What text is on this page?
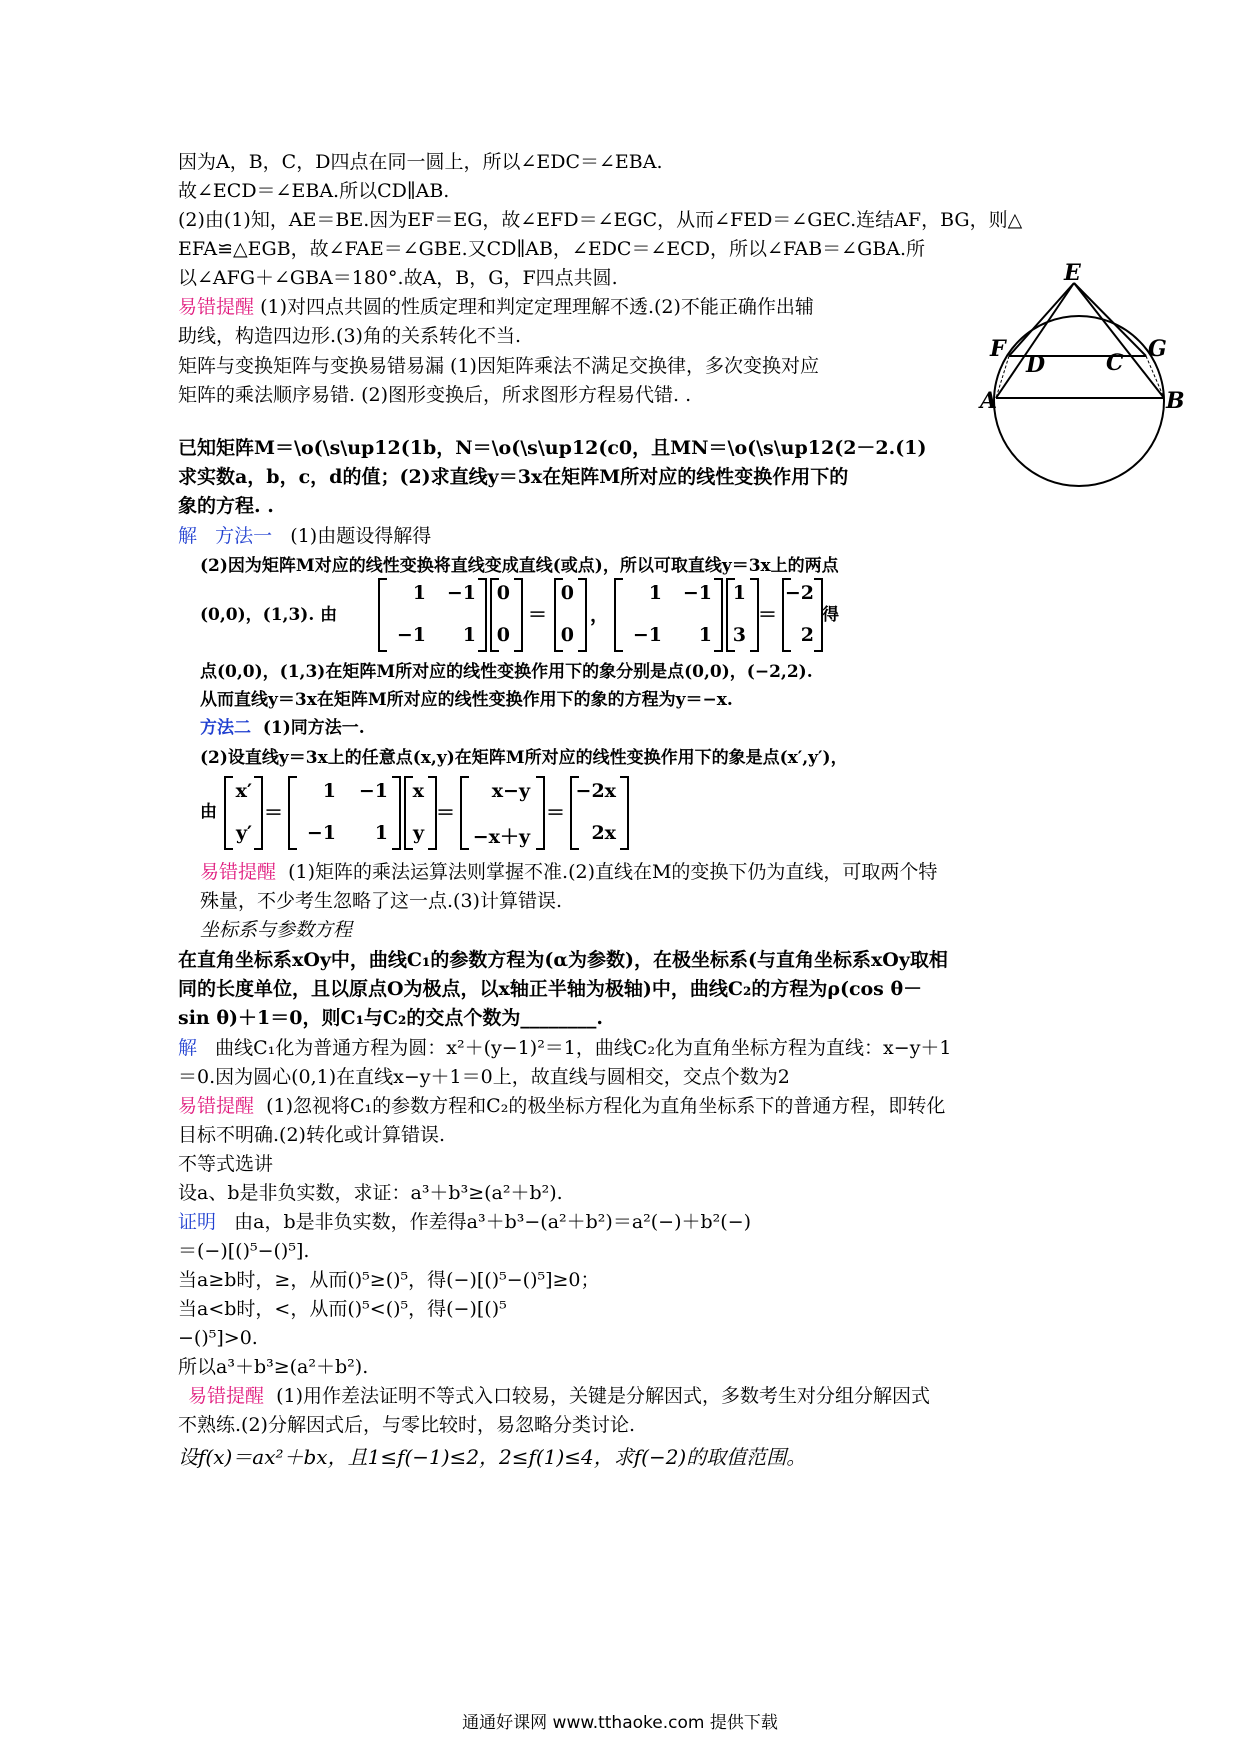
因为A，B，C，D四点在同一圆上，所以∠EDC＝∠EBA.
故∠ECD＝∠EBA.所以CD∥AB.
(2)由(1)知，AE＝BE.因为EF＝EG，故∠EFD＝∠EGC，从而∠FED＝∠GEC.连结AF，BG，则△
EFA≌△EGB，故∠FAE＝∠GBE.又CD∥AB，∠EDC＝∠ECD，所以∠FAB＝∠GBA.所
以∠AFG＋∠GBA＝180°.故A，B，G，F四点共圆.
易错提醒 (1)对四点共圆的性质定理和判定定理理解不透.(2)不能正确作出辅
助线，构造四边形.(3)角的关系转化不当.
矩阵与变换矩阵与变换易错易漏 (1)因矩阵乘法不满足交换律，多次变换对应
矩阵的乘法顺序易错. (2)图形变换后，所求图形方程易代错. .
已知矩阵M＝\o(\s\up12(1b，N＝\o(\s\up12(c0，且MN＝\o(\s\up12(2－2.(1)
求实数a，b，c，d的值；(2)求直线y＝3x在矩阵M所对应的线性变换作用下的
象的方程. .
解 方法一 (1)由题设得解得
(2)因为矩阵M对应的线性变换将直线变成直线(或点)，所以可取直线y＝3x上的两点
(0,0)，(1,3). 由
1	−1
−1	1
0
0
＝
0
0
，
1	−1
−1	1
1
3
＝
−2
2
得
点(0,0)，(1,3)在矩阵M所对应的线性变换作用下的象分别是点(0,0)，(−2,2).
从而直线y＝3x在矩阵M所对应的线性变换作用下的象的方程为y＝−x.
方法二 (1)同方法一.
(2)设直线y＝3x上的任意点(x,y)在矩阵M所对应的线性变换作用下的象是点(x′,y′)，
由
x′
y′
＝
1	−1
−1	1
x
y
＝
x−y
−x＋y
＝
−2x
2x
易错提醒 (1)矩阵的乘法运算法则掌握不准.(2)直线在M的变换下仍为直线，可取两个特
殊量，不少考生忽略了这一点.(3)计算错误.
坐标系与参数方程
在直角坐标系xOy中，曲线C₁的参数方程为(α为参数)，在极坐标系(与直角坐标系xOy取相
同的长度单位，且以原点O为极点，以x轴正半轴为极轴)中，曲线C₂的方程为ρ(cos θ－
sin θ)＋1＝0，则C₁与C₂的交点个数为________.
解 曲线C₁化为普通方程为圆：x²＋(y−1)²＝1，曲线C₂化为直角坐标方程为直线：x−y＋1
＝0.因为圆心(0,1)在直线x−y＋1＝0上，故直线与圆相交，交点个数为2
易错提醒 (1)忽视将C₁的参数方程和C₂的极坐标方程化为直角坐标系下的普通方程，即转化
目标不明确.(2)转化或计算错误.
不等式选讲
设a、b是非负实数，求证：a³＋b³≥(a²＋b²).
证明 由a，b是非负实数，作差得a³＋b³−(a²＋b²)＝a²(−)＋b²(−)
＝(−)[()⁵−()⁵].
当a≥b时，≥，从而()⁵≥()⁵，得(−)[()⁵−()⁵]≥0；
当a<b时，<，从而()⁵<()⁵，得(−)[()⁵
−()⁵]>0.
所以a³＋b³≥(a²＋b²).
易错提醒 (1)用作差法证明不等式入口较易，关键是分解因式，多数考生对分组分解因式
不熟练.(2)分解因式后，与零比较时，易忽略分类讨论.
设f(x)＝ax²＋bx，且1≤f(−1)≤2，2≤f(1)≤4，求f(−2)的取值范围。
E
F
D	C
G
A	B
通通好课网 www.tthaoke.com 提供下载
